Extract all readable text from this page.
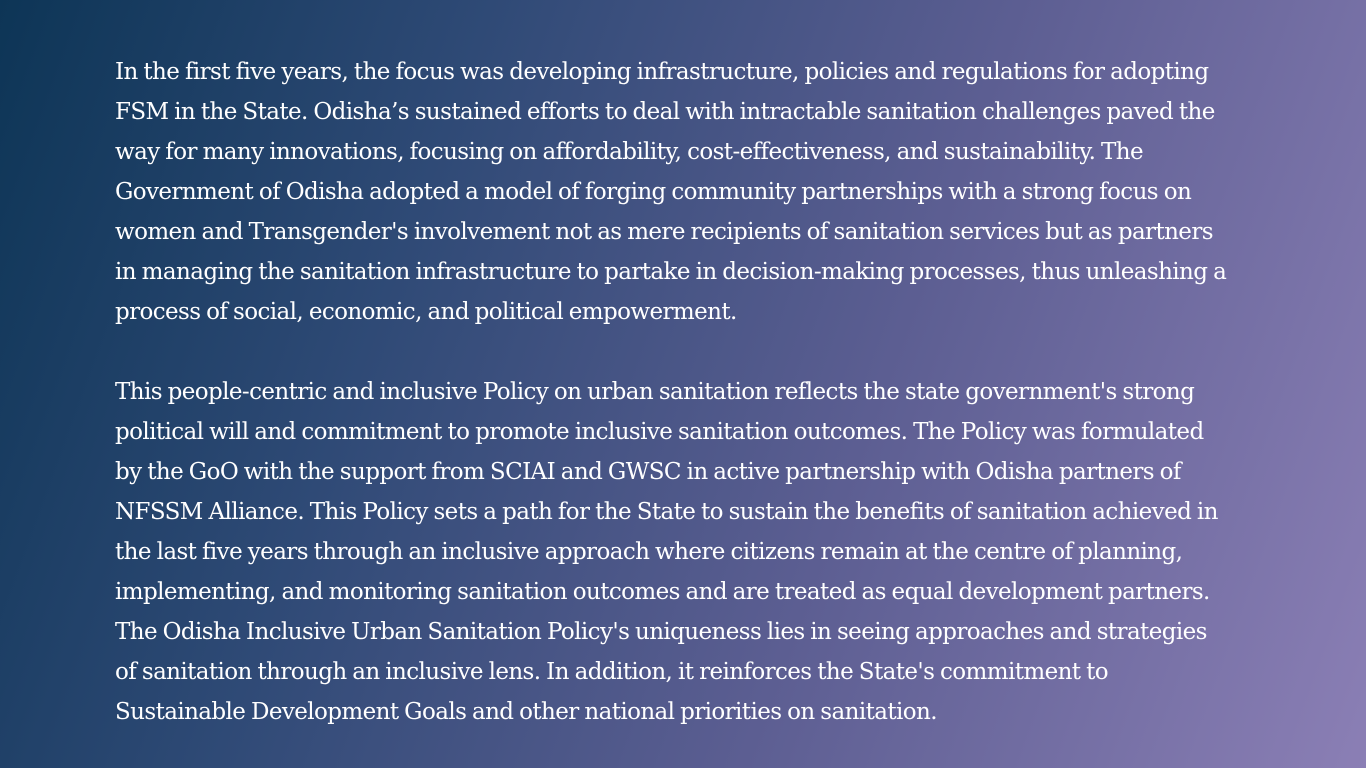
In the first five years, the focus was developing infrastructure, policies and regulations for adopting FSM in the State. Odisha’s sustained efforts to deal with intractable sanitation challenges paved the way for many innovations, focusing on affordability, cost-effectiveness, and sustainability. The Government of Odisha adopted a model of forging community partnerships with a strong focus on women and Transgender's involvement not as mere recipients of sanitation services but as partners in managing the sanitation infrastructure to partake in decision-making processes, thus unleashing a process of social, economic, and political empowerment.

This people-centric and inclusive Policy on urban sanitation reflects the state government's strong political will and commitment to promote inclusive sanitation outcomes. The Policy was formulated by the GoO with the support from SCIAI and GWSC in active partnership with Odisha partners of NFSSM Alliance. This Policy sets a path for the State to sustain the benefits of sanitation achieved in the last five years through an inclusive approach where citizens remain at the centre of planning, implementing, and monitoring sanitation outcomes and are treated as equal development partners. The Odisha Inclusive Urban Sanitation Policy's uniqueness lies in seeing approaches and strategies of sanitation through an inclusive lens. In addition, it reinforces the State's commitment to Sustainable Development Goals and other national priorities on sanitation.
